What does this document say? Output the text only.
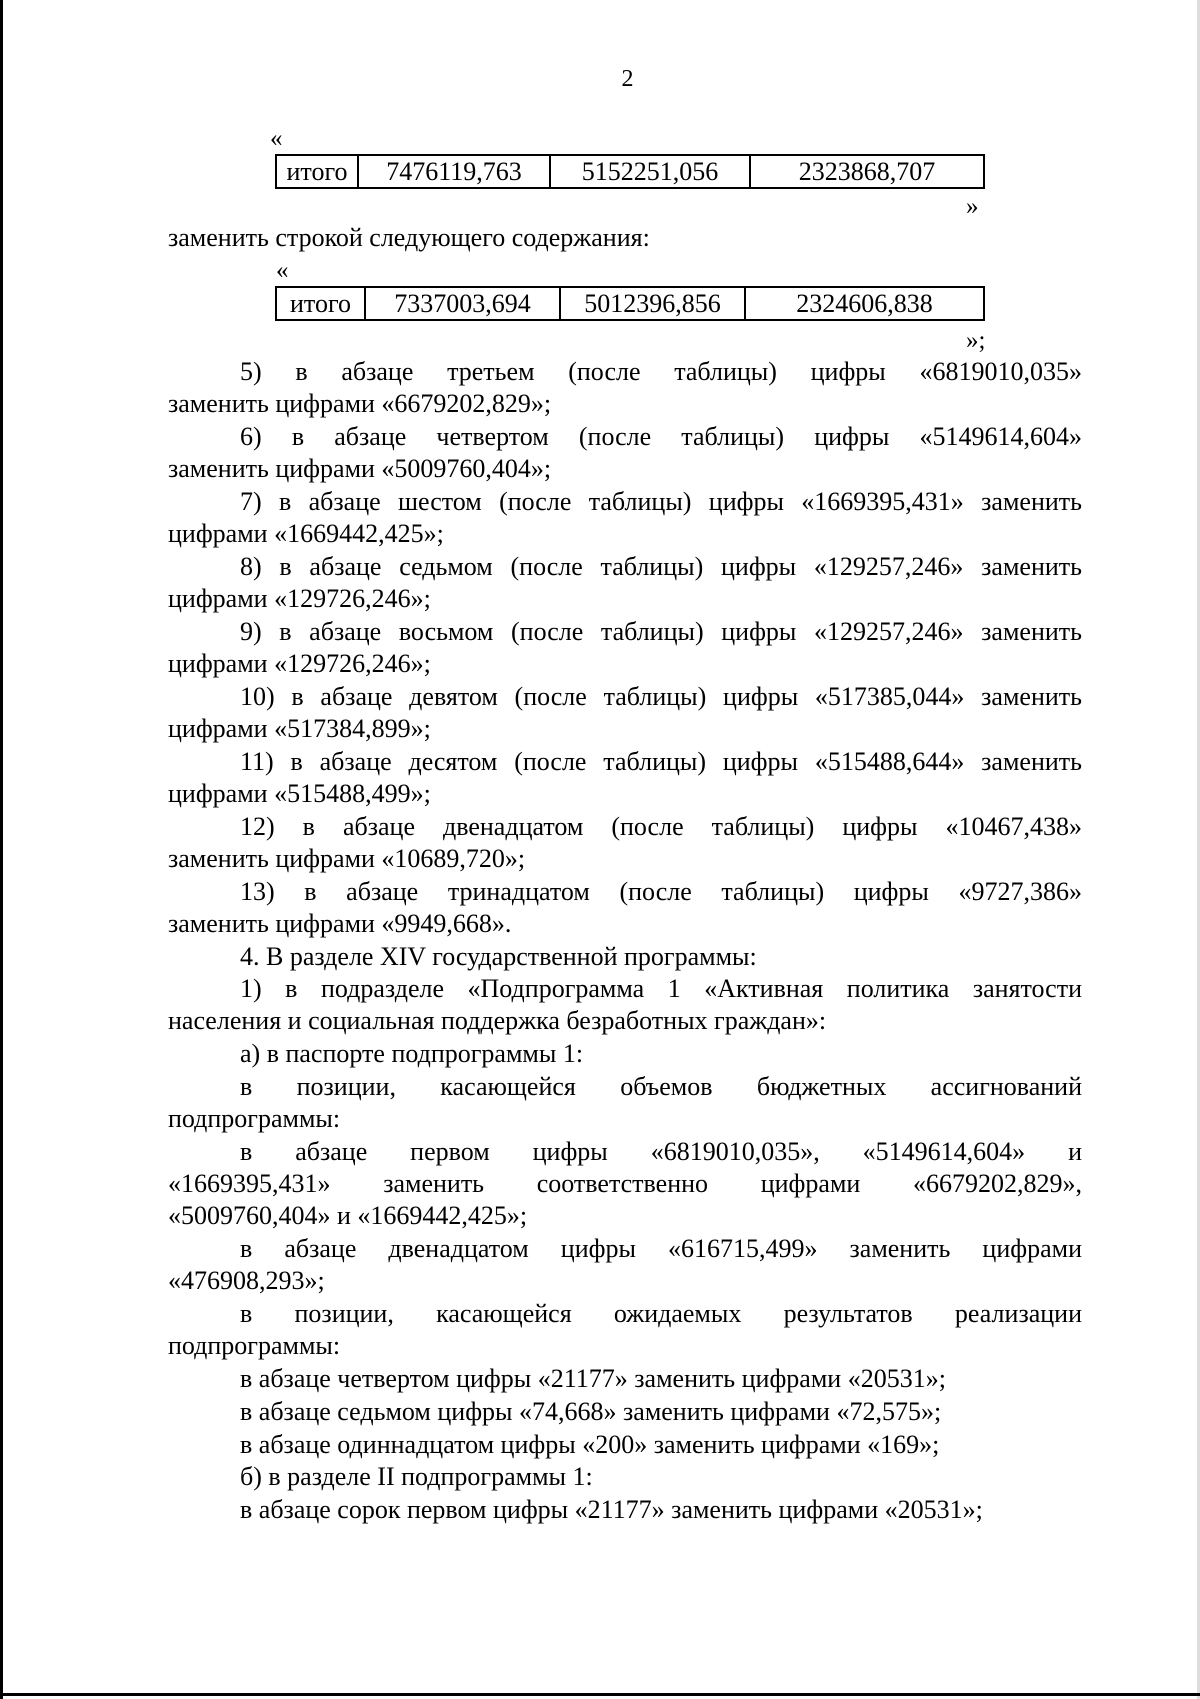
2
«
итого	7476119,763	5152251,056	2323868,707
»
заменить строкой следующего содержания:
«
итого	7337003,694	5012396,856	2324606,838
»;
5) в абзаце третьем (после таблицы) цифры «6819010,035»
заменить цифрами «6679202,829»;
6) в абзаце четвертом (после таблицы) цифры «5149614,604»
заменить цифрами «5009760,404»;
7) в абзаце шестом (после таблицы) цифры «1669395,431» заменить
цифрами «1669442,425»;
8) в абзаце седьмом (после таблицы) цифры «129257,246» заменить
цифрами «129726,246»;
9) в абзаце восьмом (после таблицы) цифры «129257,246» заменить
цифрами «129726,246»;
10) в абзаце девятом (после таблицы) цифры «517385,044» заменить
цифрами «517384,899»;
11) в абзаце десятом (после таблицы) цифры «515488,644» заменить
цифрами «515488,499»;
12) в абзаце двенадцатом (после таблицы) цифры «10467,438»
заменить цифрами «10689,720»;
13) в абзаце тринадцатом (после таблицы) цифры «9727,386»
заменить цифрами «9949,668».
4. В разделе XIV государственной программы:
1) в подразделе «Подпрограмма 1 «Активная политика занятости
населения и социальная поддержка безработных граждан»:
а) в паспорте подпрограммы 1:
в позиции, касающейся объемов бюджетных ассигнований
подпрограммы:
в абзаце первом цифры «6819010,035», «5149614,604» и
«1669395,431» заменить соответственно цифрами «6679202,829»,
«5009760,404» и «1669442,425»;
в абзаце двенадцатом цифры «616715,499» заменить цифрами
«476908,293»;
в позиции, касающейся ожидаемых результатов реализации
подпрограммы:
в абзаце четвертом цифры «21177» заменить цифрами «20531»;
в абзаце седьмом цифры «74,668» заменить цифрами «72,575»;
в абзаце одиннадцатом цифры «200» заменить цифрами «169»;
б) в разделе II подпрограммы 1:
в абзаце сорок первом цифры «21177» заменить цифрами «20531»;
